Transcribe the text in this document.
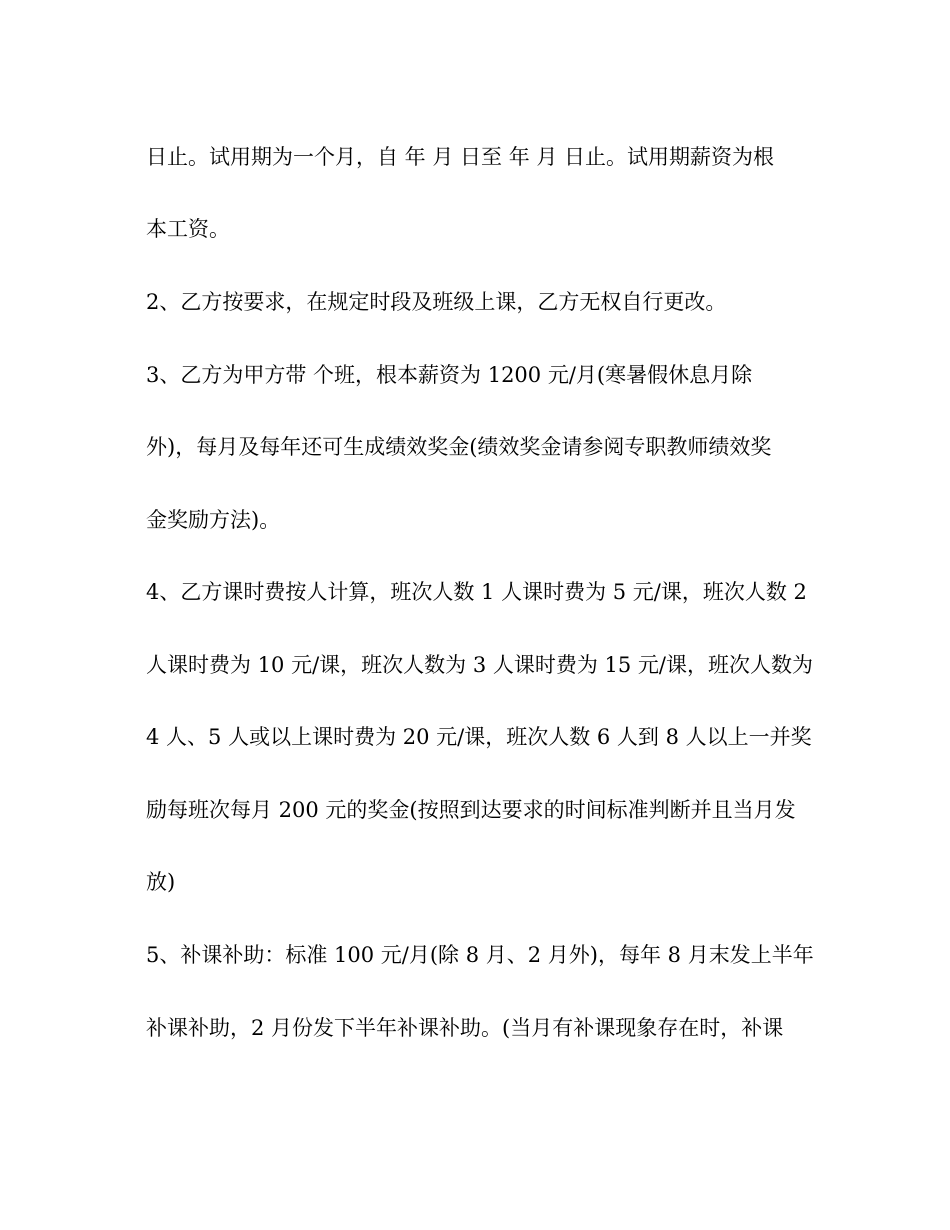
日止。试用期为一个月，自 年 月 日至 年 月 日止。试用期薪资为根
本工资。
2、乙方按要求，在规定时段及班级上课，乙方无权自行更改。
3、乙方为甲方带 个班，根本薪资为 1200 元/月(寒暑假休息月除
外)，每月及每年还可生成绩效奖金(绩效奖金请参阅专职教师绩效奖
金奖励方法)。
4、乙方课时费按人计算，班次人数 1 人课时费为 5 元/课，班次人数 2
人课时费为 10 元/课，班次人数为 3 人课时费为 15 元/课，班次人数为
4 人、5 人或以上课时费为 20 元/课，班次人数 6 人到 8 人以上一并奖
励每班次每月 200 元的奖金(按照到达要求的时间标准判断并且当月发
放)
5、补课补助：标准 100 元/月(除 8 月、2 月外)，每年 8 月末发上半年
补课补助，2 月份发下半年补课补助。(当月有补课现象存在时，补课
